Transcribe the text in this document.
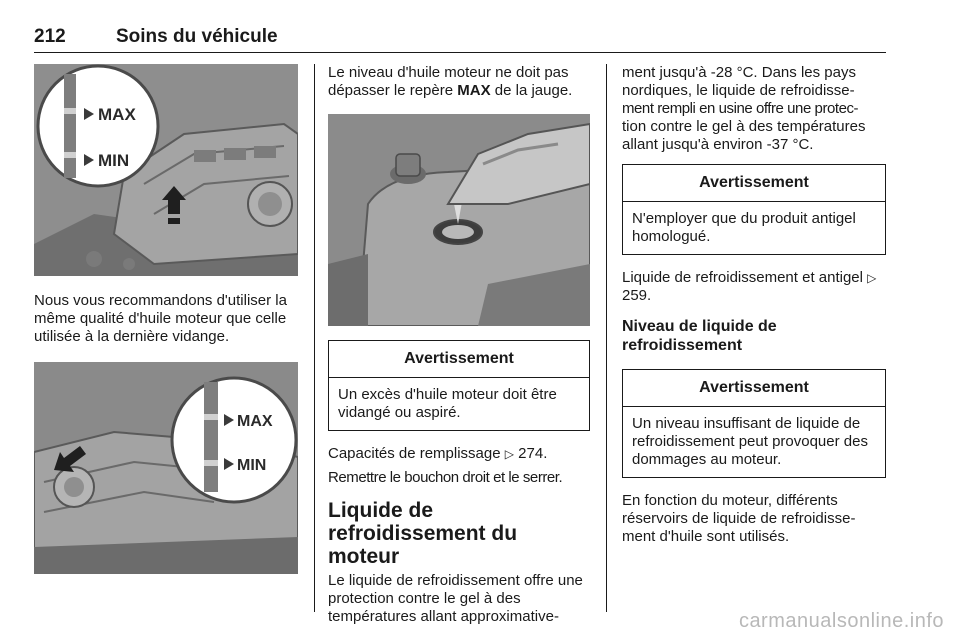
212	Soins du véhicule
MAX
MIN

Nous vous recommandons d'utiliser la même qualité d'huile moteur que celle utilisée à la dernière vidange.

MAX
MIN

Le niveau d'huile moteur ne doit pas dépasser le repère MAX de la jauge.

Avertissement
Un excès d'huile moteur doit être vidangé ou aspiré.

Capacités de remplissage ▷ 274.

Remettre le bouchon droit et le serrer.

Liquide de refroidissement du moteur

Le liquide de refroidissement offre une protection contre le gel à des températures allant approximative-

ment jusqu'à -28 °C. Dans les pays nordiques, le liquide de refroidisse-
ment rempli en usine offre une protec-
tion contre le gel à des températures allant jusqu'à environ -37 °C.

Avertissement
N'employer que du produit antigel homologué.

Liquide de refroidissement et antigel ▷ 259.

Niveau de liquide de refroidissement
Avertissement
Un niveau insuffisant de liquide de refroidissement peut provoquer des dommages au moteur.

En fonction du moteur, différents réservoirs de liquide de refroidisse-ment d'huile sont utilisés.

carmanualsonline.info
